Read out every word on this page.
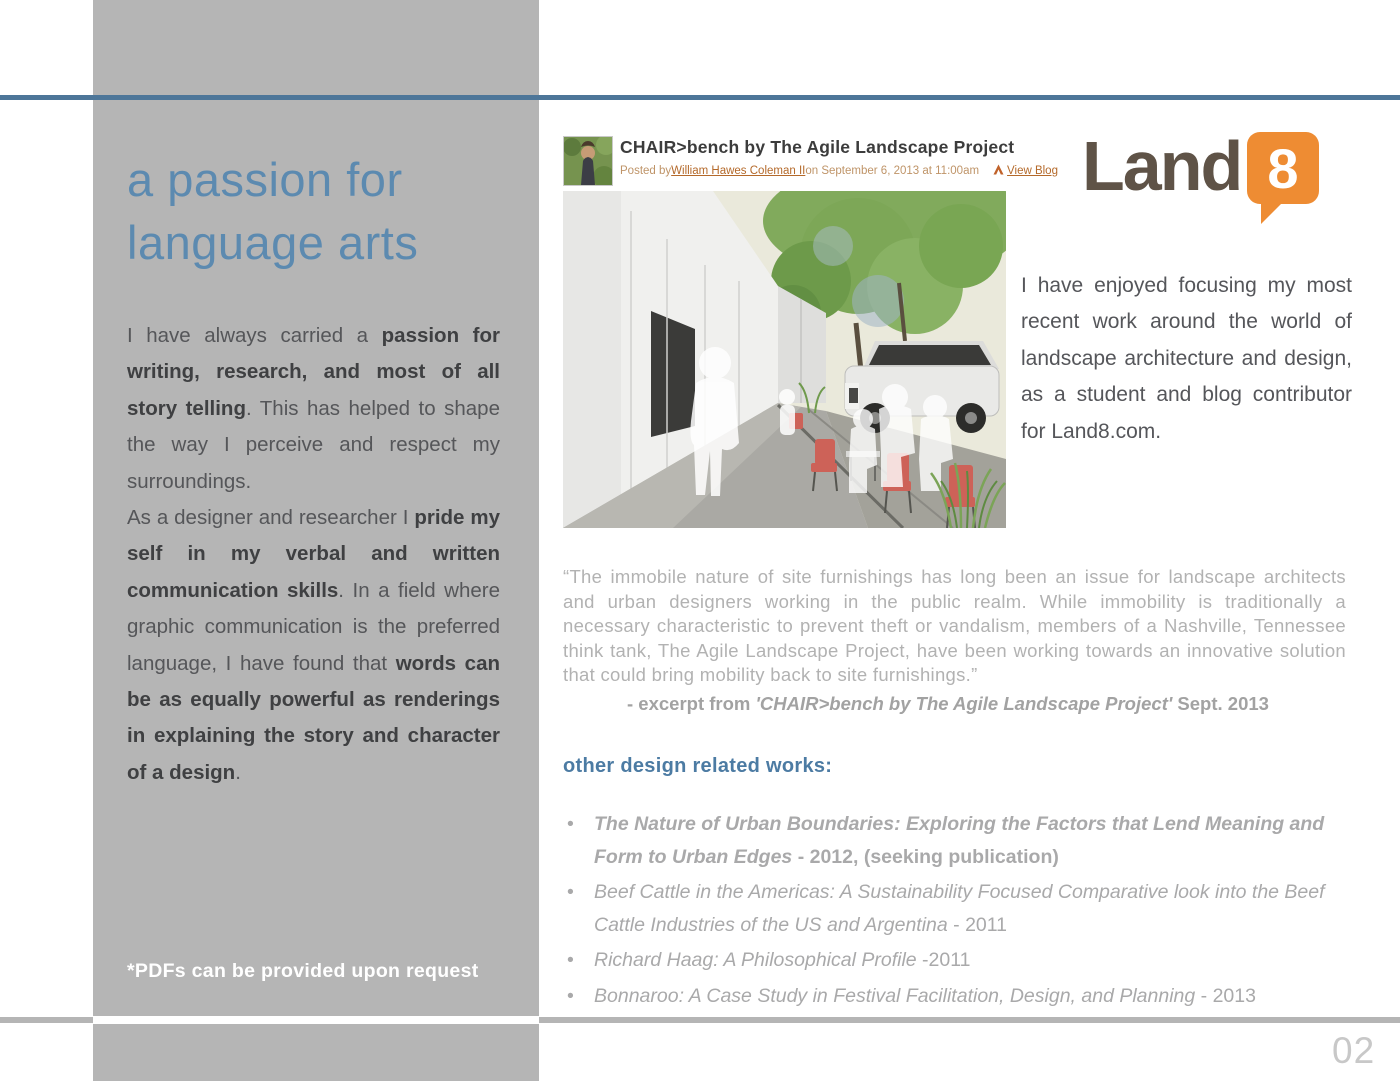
a passion for
language arts

I have always carried a passion for writing, research, and most of all story telling. This has helped to shape the way I perceive and respect my surroundings.

As a designer and researcher I pride my self in my verbal and written communication skills. In a field where graphic communication is the preferred language, I have found that words can be as equally powerful as renderings in explaining the story and character of a design.

*PDFs can be provided upon request
CHAIR>bench by The Agile Landscape Project
Posted by William Hawes Coleman II on September 6, 2013 at 11:00am View Blog Land 8
I have enjoyed focusing my most recent work around the world of landscape architecture and design, as a student and blog contributor for Land8.com.
“The immobile nature of site furnishings has long been an issue for landscape architects and urban designers working in the public realm. While immobility is traditionally a necessary characteristic to prevent theft or vandalism, members of a Nashville, Tennessee think tank, The Agile Landscape Project, have been working towards an innovative solution that could bring mobility back to site furnishings.”
- excerpt from 'CHAIR>bench by The Agile Landscape Project' Sept. 2013
other design related works:
• The Nature of Urban Boundaries: Exploring the Factors that Lend Meaning and Form to Urban Edges - 2012, (seeking publication)
• Beef Cattle in the Americas: A Sustainability Focused Comparative look into the Beef Cattle Industries of the US and Argentina - 2011
• Richard Haag: A Philosophical Profile -2011
• Bonnaroo: A Case Study in Festival Facilitation, Design, and Planning - 2013
02
